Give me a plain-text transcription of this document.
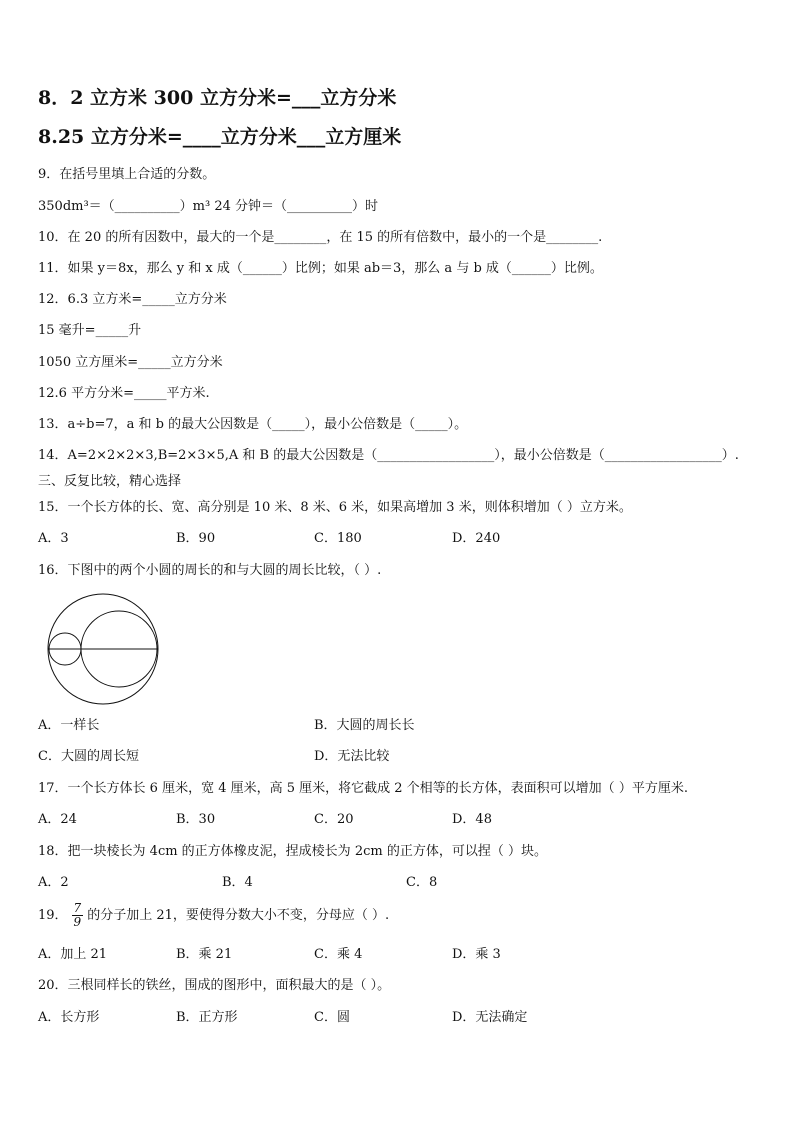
8．2 立方米 300 立方分米=___立方分米
8.25 立方分米=____立方分米___立方厘米
9．在括号里填上合适的分数。
350dm³＝（__________）m³ 24 分钟＝（__________）时
10．在 20 的所有因数中，最大的一个是________，在 15 的所有倍数中，最小的一个是________.
11．如果 y＝8x，那么 y 和 x 成（______）比例；如果 ab＝3，那么 a 与 b 成（______）比例。
12．6.3 立方米=_____立方分米
15 毫升=_____升
1050 立方厘米=_____立方分米
12.6 平方分米=_____平方米.
13．a÷b=7，a 和 b 的最大公因数是（_____），最小公倍数是（_____）。
14．A=2×2×2×3,B=2×3×5,A 和 B 的最大公因数是（__________________），最小公倍数是（__________________）.
三、反复比较，精心选择
15．一个长方体的长、宽、高分别是 10 米、8 米、6 米，如果高增加 3 米，则体积增加（ ）立方米。
A．3	B．90	C．180	D．240
16．下图中的两个小圆的周长的和与大圆的周长比较，（ ）.
A．一样长	B．大圆的周长长
C．大圆的周长短	D．无法比较
17．一个长方体长 6 厘米，宽 4 厘米，高 5 厘米，将它截成 2 个相等的长方体，表面积可以增加（ ）平方厘米.
A．24	B．30	C．20	D．48
18．把一块棱长为 4cm 的正方体橡皮泥，捏成棱长为 2cm 的正方体，可以捏（ ）块。
A．2	B．4	C．8
19． $\frac{7}{9}$ 的分子加上 21，要使得分数大小不变，分母应（ ）.
A．加上 21	B．乘 21	C．乘 4	D．乘 3
20．三根同样长的铁丝，围成的图形中，面积最大的是（ ）。
A．长方形	B．正方形	C．圆	D．无法确定
